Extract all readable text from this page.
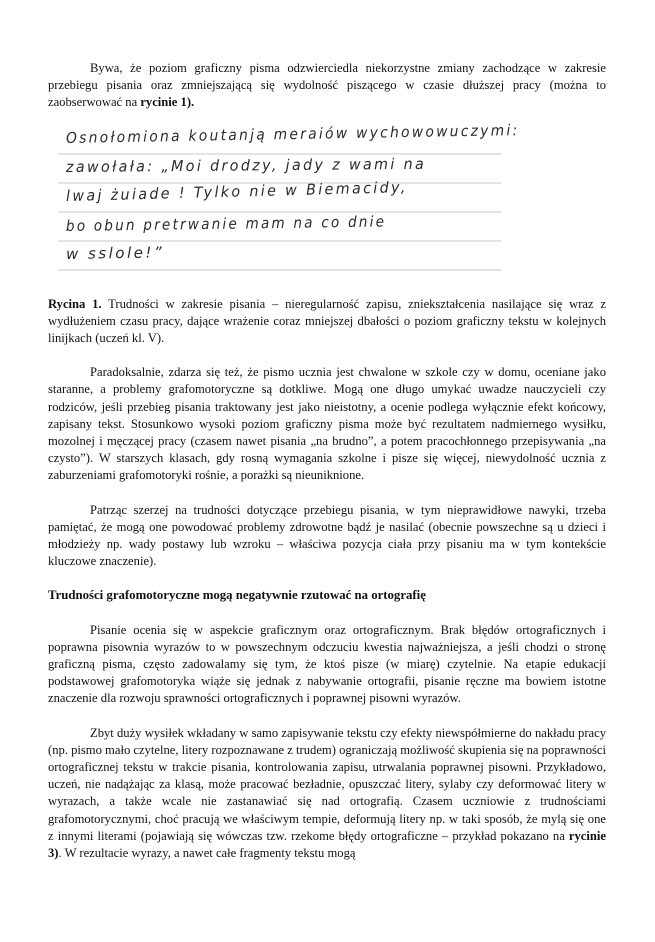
Bywa, że poziom graficzny pisma odzwierciedla niekorzystne zmiany zachodzące w zakresie przebiegu pisania oraz zmniejszającą się wydolność piszącego w czasie dłuższej pracy (można to zaobserwować na rycinie 1).

Osnołomiona koutanją meraiów wychowowuczymi:
zawołała: „Moi drodzy, jady z wami na
lwaj żuiade ! Tylko nie w Biemacidy,
bo obun pretrwanie mam na co dnie
w sslole!”

Rycina 1. Trudności w zakresie pisania – nieregularność zapisu, zniekształcenia nasilające się wraz z wydłużeniem czasu pracy, dające wrażenie coraz mniejszej dbałości o poziom graficzny tekstu w kolejnych linijkach (uczeń kl. V).

Paradoksalnie, zdarza się też, że pismo ucznia jest chwalone w szkole czy w domu, oceniane jako staranne, a problemy grafomotoryczne są dotkliwe. Mogą one długo umykać uwadze nauczycieli czy rodziców, jeśli przebieg pisania traktowany jest jako nieistotny, a ocenie podlega wyłącznie efekt końcowy, zapisany tekst. Stosunkowo wysoki poziom graficzny pisma może być rezultatem nadmiernego wysiłku, mozolnej i męczącej pracy (czasem nawet pisania „na brudno”, a potem pracochłonnego przepisywania „na czysto”). W starszych klasach, gdy rosną wymagania szkolne i pisze się więcej, niewydolność ucznia z zaburzeniami grafomotoryki rośnie, a porażki są nieuniknione.

Patrząc szerzej na trudności dotyczące przebiegu pisania, w tym nieprawidłowe nawyki, trzeba pamiętać, że mogą one powodować problemy zdrowotne bądź je nasilać (obecnie powszechne są u dzieci i młodzieży np. wady postawy lub wzroku – właściwa pozycja ciała przy pisaniu ma w tym kontekście kluczowe znaczenie).

Trudności grafomotoryczne mogą negatywnie rzutować na ortografię

Pisanie ocenia się w aspekcie graficznym oraz ortograficznym. Brak błędów ortograficznych i poprawna pisownia wyrazów to w powszechnym odczuciu kwestia najważniejsza, a jeśli chodzi o stronę graficzną pisma, często zadowalamy się tym, że ktoś pisze (w miarę) czytelnie. Na etapie edukacji podstawowej grafomotoryka wiąże się jednak z nabywanie ortografii, pisanie ręczne ma bowiem istotne znaczenie dla rozwoju sprawności ortograficznych i poprawnej pisowni wyrazów.

Zbyt duży wysiłek wkładany w samo zapisywanie tekstu czy efekty niewspółmierne do nakładu pracy (np. pismo mało czytelne, litery rozpoznawane z trudem) ograniczają możliwość skupienia się na poprawności ortograficznej tekstu w trakcie pisania, kontrolowania zapisu, utrwalania poprawnej pisowni. Przykładowo, uczeń, nie nadążając za klasą, może pracować bezładnie, opuszczać litery, sylaby czy deformować litery w wyrazach, a także wcale nie zastanawiać się nad ortografią. Czasem uczniowie z trudnościami grafomotorycznymi, choć pracują we właściwym tempie, deformują litery np. w taki sposób, że mylą się one z innymi literami (pojawiają się wówczas tzw. rzekome błędy ortograficzne – przykład pokazano na rycinie 3). W rezultacie wyrazy, a nawet całe fragmenty tekstu mogą
